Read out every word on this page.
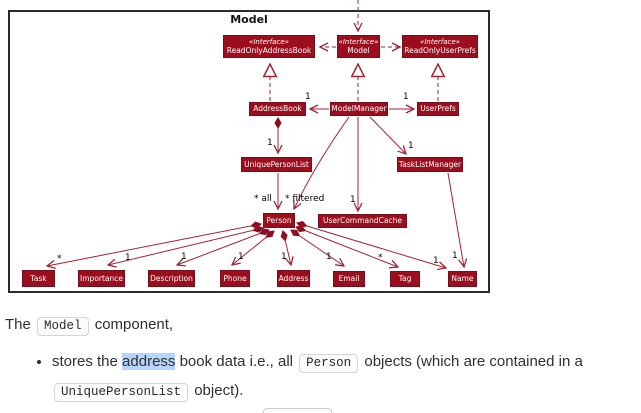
Model
«Interface»
ReadOnlyAddressBook
«Interface»
Model
«Interface»
ReadOnlyUserPrefs
AddressBook	ModelManager	UserPrefs
UniquePersonList	TaskListManager
Person	UserCommandCache
Task	Importance	Description	Phone	Address	Email	Tag	Name
1	1
1	1
* all * filtered	1
*	1	1	1	1	1	*	1 1

The Model component,

• stores the address book data i.e., all Person objects (which are contained in a
UniquePersonList object).
